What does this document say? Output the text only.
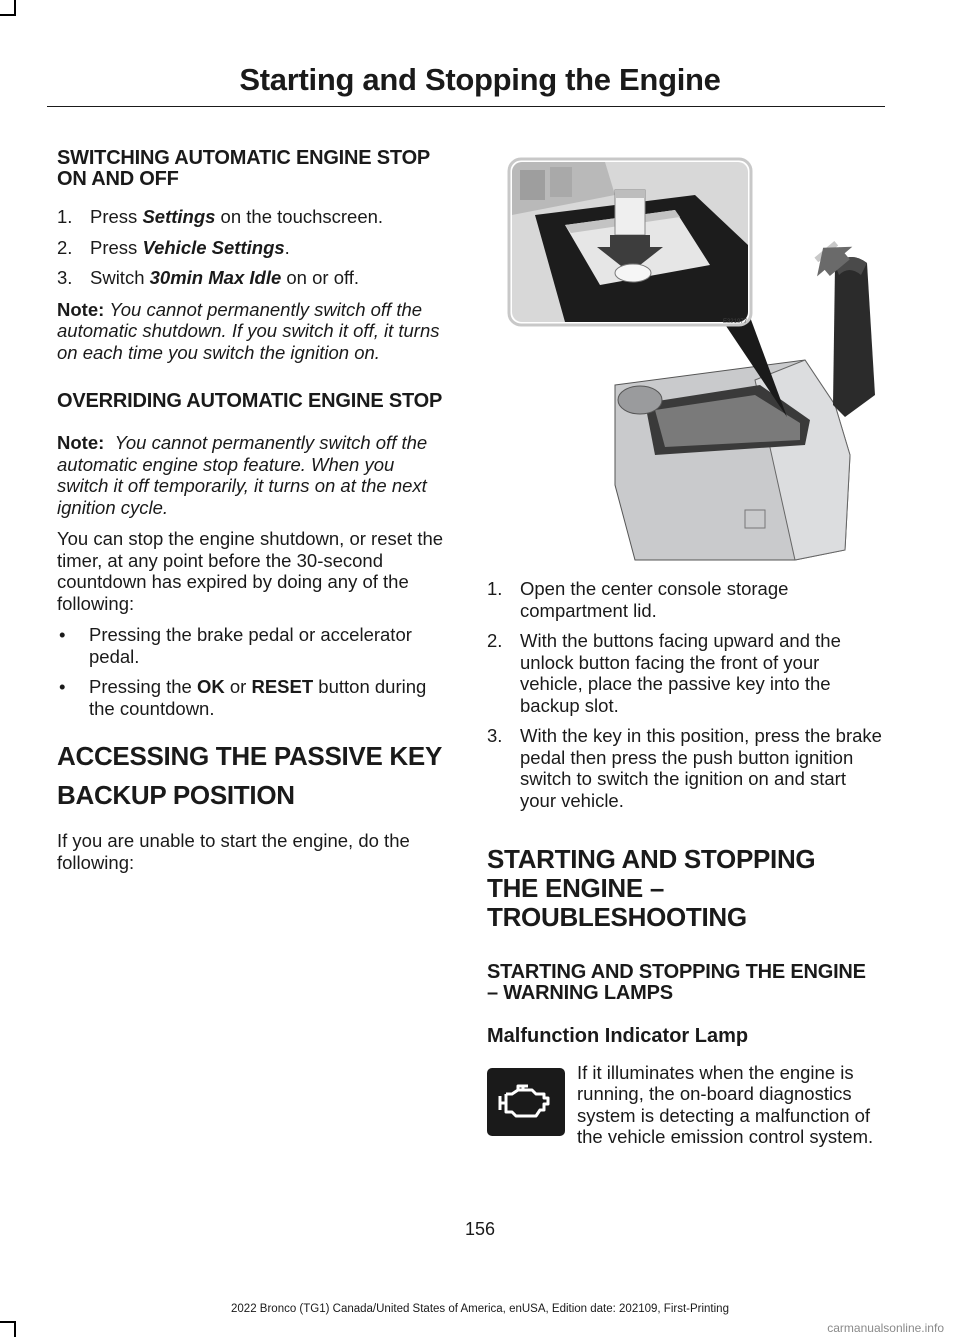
Starting and Stopping the Engine
SWITCHING AUTOMATIC ENGINE STOP ON AND OFF
1. Press Settings on the touchscreen.
2. Press Vehicle Settings.
3. Switch 30min Max Idle on or off.

Note: You cannot permanently switch off the automatic shutdown. If you switch it off, it turns on each time you switch the ignition on.

OVERRIDING AUTOMATIC ENGINE STOP

Note: You cannot permanently switch off the automatic engine stop feature. When you switch it off temporarily, it turns on at the next ignition cycle.

You can stop the engine shutdown, or reset the timer, at any point before the 30-second countdown has expired by doing any of the following:

• Pressing the brake pedal or accelerator pedal.
• Pressing the OK or RESET button during the countdown.
ACCESSING THE PASSIVE KEY
BACKUP POSITION

If you are unable to start the engine, do the following:

E321977
1. Open the center console storage compartment lid.
2. With the buttons facing upward and the unlock button facing the front of your vehicle, place the passive key into the backup slot.
3. With the key in this position, press the brake pedal then press the push button ignition switch to switch the ignition on and start your vehicle.
STARTING AND STOPPING
THE ENGINE –
TROUBLESHOOTING
STARTING AND STOPPING THE ENGINE – WARNING LAMPS
Malfunction Indicator Lamp

If it illuminates when the engine is running, the on-board diagnostics system is detecting a malfunction of the vehicle emission control system.

156
2022 Bronco (TG1) Canada/United States of America, enUSA, Edition date: 202109, First-Printing
carmanualsonline.info
